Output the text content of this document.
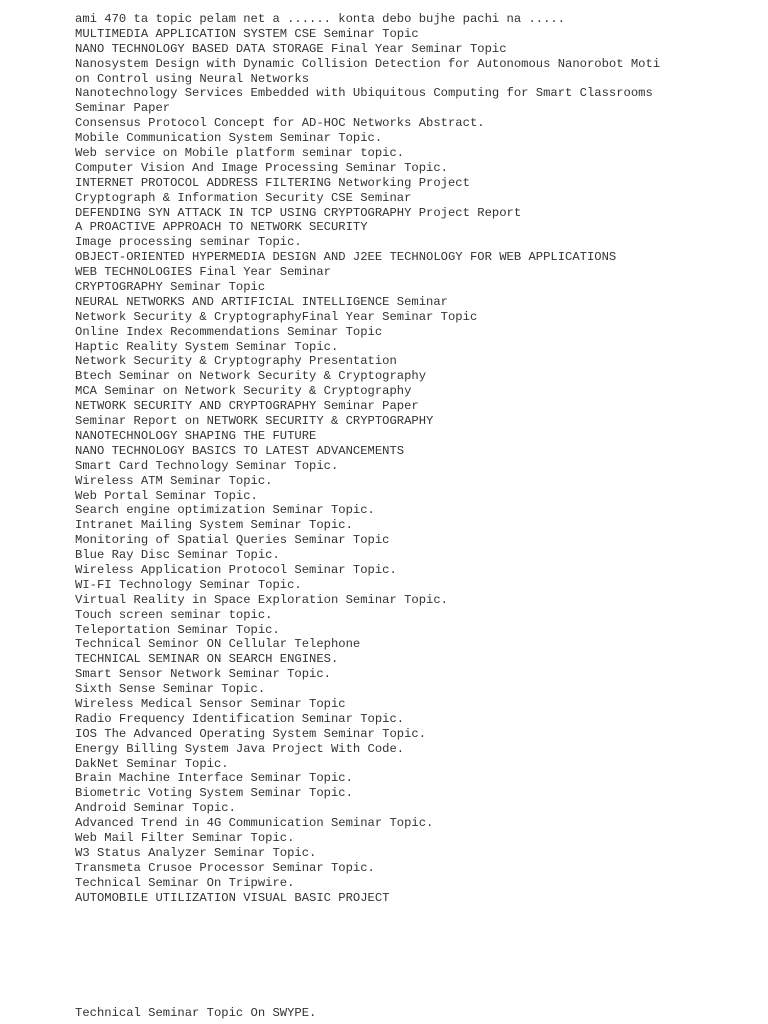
ami 470 ta topic pelam net a ...... konta debo bujhe pachi na .....
MULTIMEDIA APPLICATION SYSTEM CSE Seminar Topic
NANO TECHNOLOGY BASED DATA STORAGE Final Year Seminar Topic
Nanosystem Design with Dynamic Collision Detection for Autonomous Nanorobot Moti
on Control using Neural Networks
Nanotechnology Services Embedded with Ubiquitous Computing for Smart Classrooms
Seminar Paper
Consensus Protocol Concept for AD-HOC Networks Abstract.
Mobile Communication System Seminar Topic.
Web service on Mobile platform seminar topic.
Computer Vision And Image Processing Seminar Topic.
INTERNET PROTOCOL ADDRESS FILTERING Networking Project
Cryptograph & Information Security CSE Seminar
DEFENDING SYN ATTACK IN TCP USING CRYPTOGRAPHY Project Report
A PROACTIVE APPROACH TO NETWORK SECURITY
Image processing seminar Topic.
OBJECT-ORIENTED HYPERMEDIA DESIGN AND J2EE TECHNOLOGY FOR WEB APPLICATIONS
WEB TECHNOLOGIES Final Year Seminar
CRYPTOGRAPHY Seminar Topic
NEURAL NETWORKS AND ARTIFICIAL INTELLIGENCE Seminar
Network Security & CryptographyFinal Year Seminar Topic
Online Index Recommendations Seminar Topic
Haptic Reality System Seminar Topic.
Network Security & Cryptography Presentation
Btech Seminar on Network Security & Cryptography
MCA Seminar on Network Security & Cryptography
NETWORK SECURITY AND CRYPTOGRAPHY Seminar Paper
Seminar Report on NETWORK SECURITY & CRYPTOGRAPHY
NANOTECHNOLOGY SHAPING THE FUTURE
NANO TECHNOLOGY BASICS TO LATEST ADVANCEMENTS
Smart Card Technology Seminar Topic.
Wireless ATM Seminar Topic.
Web Portal Seminar Topic.
Search engine optimization Seminar Topic.
Intranet Mailing System Seminar Topic.
Monitoring of Spatial Queries Seminar Topic
Blue Ray Disc Seminar Topic.
Wireless Application Protocol Seminar Topic.
WI-FI Technology Seminar Topic.
Virtual Reality in Space Exploration Seminar Topic.
Touch screen seminar topic.
Teleportation Seminar Topic.
Technical Seminor ON Cellular Telephone
TECHNICAL SEMINAR ON SEARCH ENGINES.
Smart Sensor Network Seminar Topic.
Sixth Sense Seminar Topic.
Wireless Medical Sensor Seminar Topic
Radio Frequency Identification Seminar Topic.
IOS The Advanced Operating System Seminar Topic.
Energy Billing System Java Project With Code.
DakNet Seminar Topic.
Brain Machine Interface Seminar Topic.
Biometric Voting System Seminar Topic.
Android Seminar Topic.
Advanced Trend in 4G Communication Seminar Topic.
Web Mail Filter Seminar Topic.
W3 Status Analyzer Seminar Topic.
Transmeta Crusoe Processor Seminar Topic.
Technical Seminar On Tripwire.
AUTOMOBILE UTILIZATION VISUAL BASIC PROJECT
Technical Seminar Topic On SWYPE.
